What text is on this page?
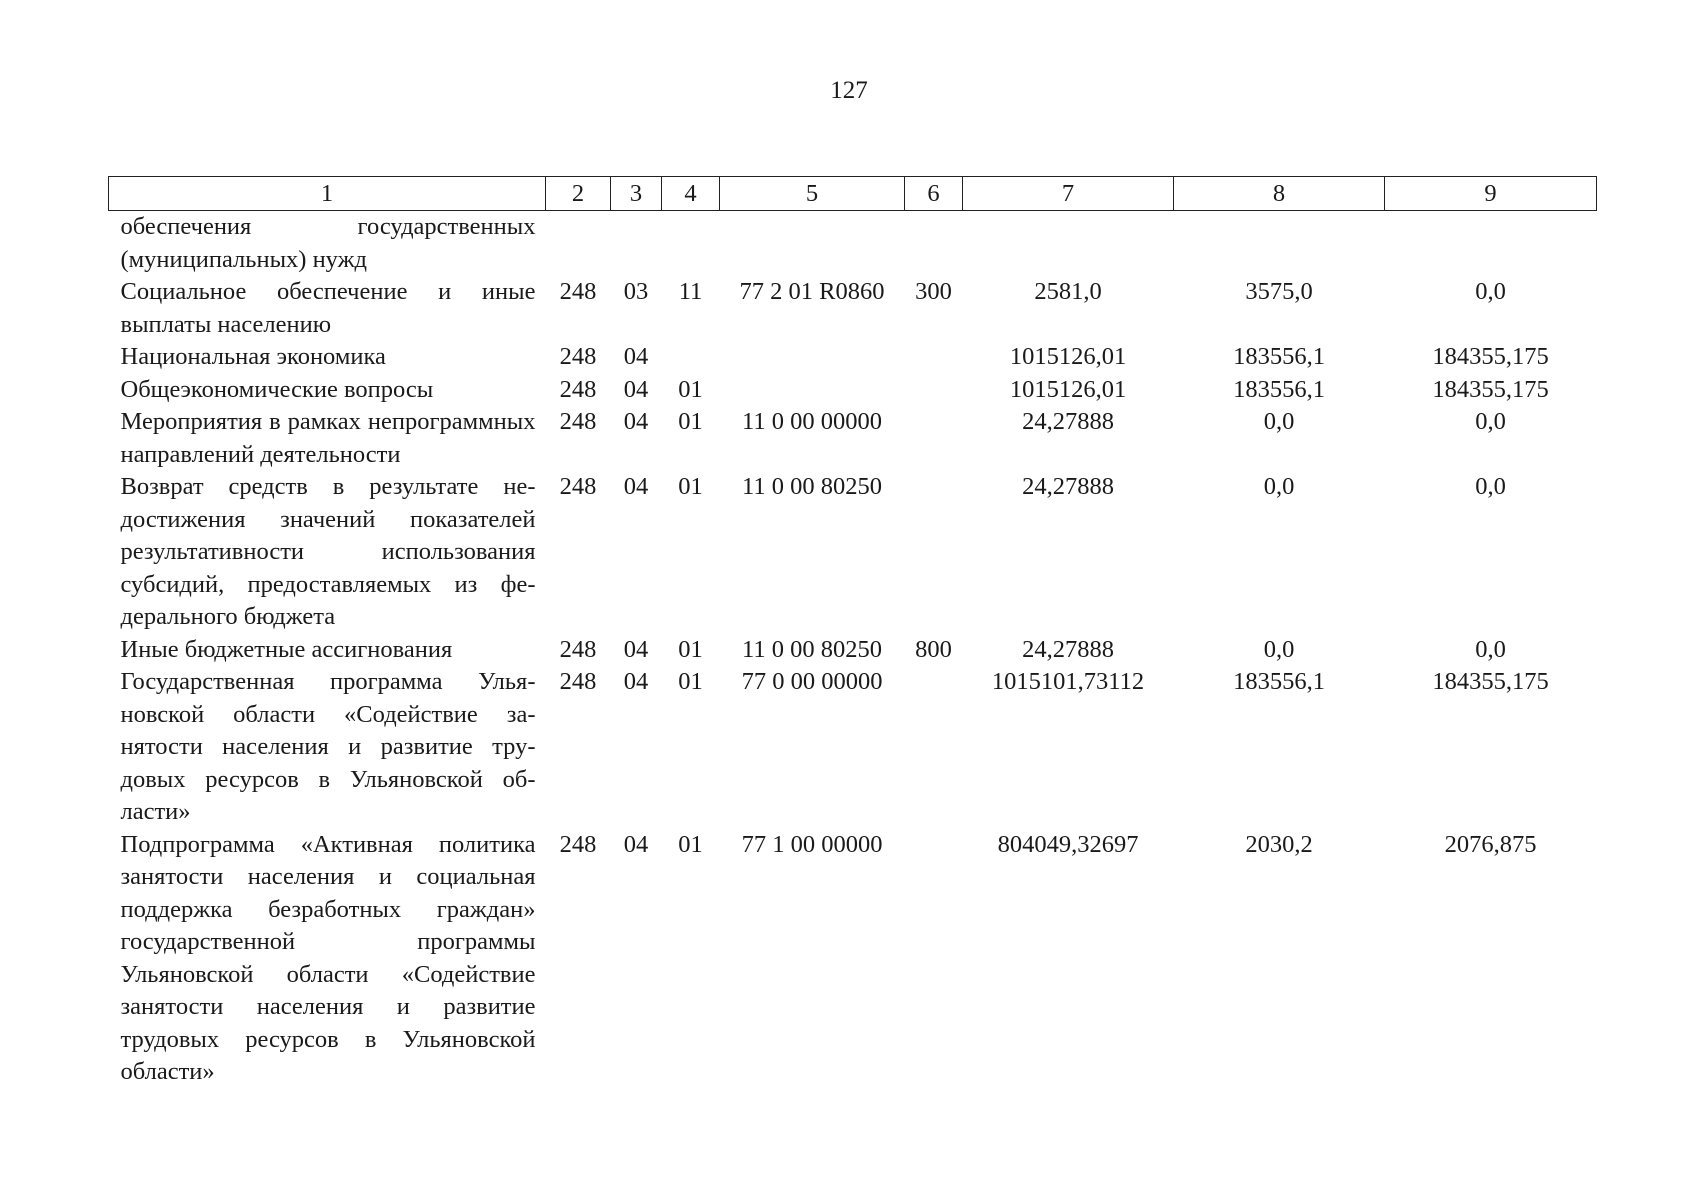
127
1	2	3	4	5	6	7	8	9
обеспечения государственных (муниципальных) нужд								
Социальное обеспечение и иные выплаты населению	248	03	11	77 2 01 R0860	300	2581,0	3575,0	0,0
Национальная экономика	248	04				1015126,01	183556,1	184355,175
Общеэкономические вопросы	248	04	01			1015126,01	183556,1	184355,175
Мероприятия в рамках непрограммных направлений деятельности	248	04	01	11 0 00 00000		24,27888	0,0	0,0
Возврат средств в результате недостижения значений показателей результативности использования субсидий, предоставляемых из федерального бюджета	248	04	01	11 0 00 80250		24,27888	0,0	0,0
Иные бюджетные ассигнования	248	04	01	11 0 00 80250	800	24,27888	0,0	0,0
Государственная программа Ульяновской области «Содействие занятости населения и развитие трудовых ресурсов в Ульяновской области»	248	04	01	77 0 00 00000		1015101,73112	183556,1	184355,175
Подпрограмма «Активная политика занятости населения и социальная поддержка безработных граждан» государственной программы Ульяновской области «Содействие занятости населения и развитие трудовых ресурсов в Ульяновской области»	248	04	01	77 1 00 00000		804049,32697	2030,2	2076,875
